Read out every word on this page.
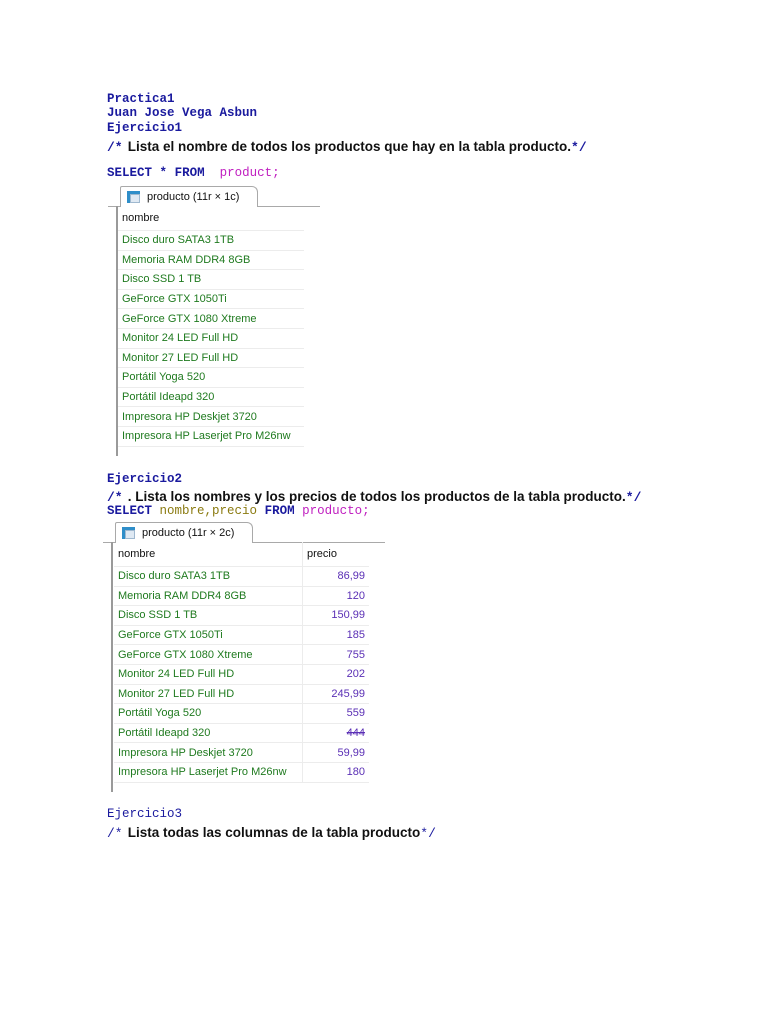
Practica1
Juan Jose Vega Asbun
Ejercicio1
/* Lista el nombre de todos los productos que hay en la tabla producto.*/
SELECT * FROM product;
producto (11r × 1c)
nombre
Disco duro SATA3 1TB
Memoria RAM DDR4 8GB
Disco SSD 1 TB
GeForce GTX 1050Ti
GeForce GTX 1080 Xtreme
Monitor 24 LED Full HD
Monitor 27 LED Full HD
Portátil Yoga 520
Portátil Ideapd 320
Impresora HP Deskjet 3720
Impresora HP Laserjet Pro M26nw
Ejercicio2
/* . Lista los nombres y los precios de todos los productos de la tabla producto.*/
SELECT nombre,precio FROM producto;
producto (11r × 2c)
nombre	precio
Disco duro SATA3 1TB	86,99
Memoria RAM DDR4 8GB	120
Disco SSD 1 TB	150,99
GeForce GTX 1050Ti	185
GeForce GTX 1080 Xtreme	755
Monitor 24 LED Full HD	202
Monitor 27 LED Full HD	245,99
Portátil Yoga 520	559
Portátil Ideapd 320	444
Impresora HP Deskjet 3720	59,99
Impresora HP Laserjet Pro M26nw	180
Ejercicio3
/* Lista todas las columnas de la tabla producto*/
